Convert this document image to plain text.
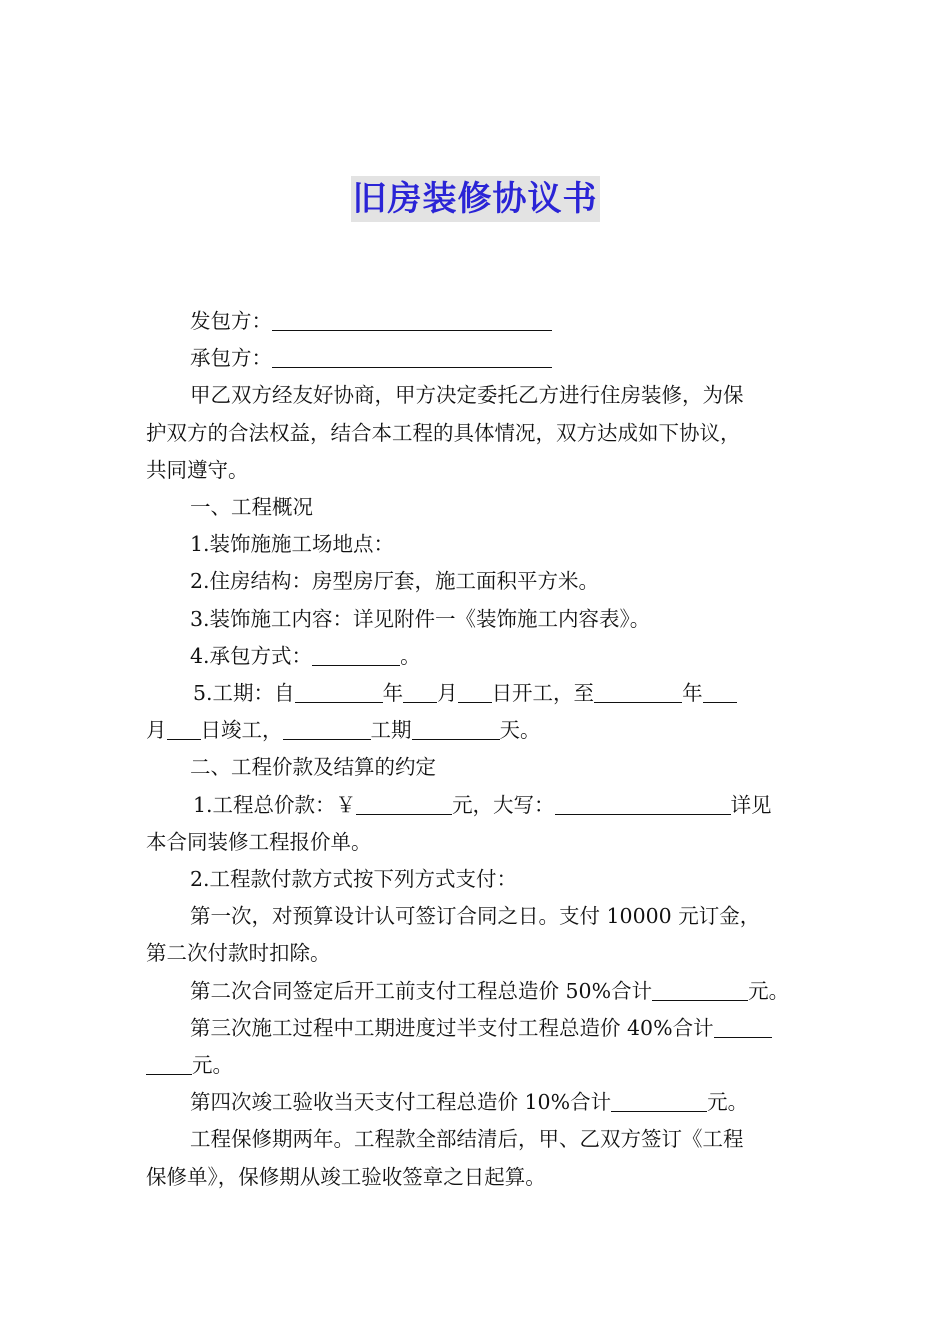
旧房装修协议书
发包方：
承包方：
甲乙双方经友好协商，甲方决定委托乙方进行住房装修，为保
护双方的合法权益，结合本工程的具体情况，双方达成如下协议，
共同遵守。
一、工程概况
1.装饰施施工场地点：
2.住房结构：房型房厅套，施工面积平方米。
3.装饰施工内容：详见附件一《装饰施工内容表》。
4.承包方式：	。
5.工期：自	年 月 日开工，至	年
月 日竣工，	工期	天。
二、工程价款及结算的约定
1.工程总价款：￥	元，大写：	详见
本合同装修工程报价单。
2.工程款付款方式按下列方式支付：
第一次，对预算设计认可签订合同之日。支付 10000 元订金，
第二次付款时扣除。
第二次合同签定后开工前支付工程总造价 50%合计	元。
第三次施工过程中工期进度过半支付工程总造价 40%合计
元。
第四次竣工验收当天支付工程总造价 10%合计	元。
工程保修期两年。工程款全部结清后，甲、乙双方签订《工程
保修单》，保修期从竣工验收签章之日起算。
